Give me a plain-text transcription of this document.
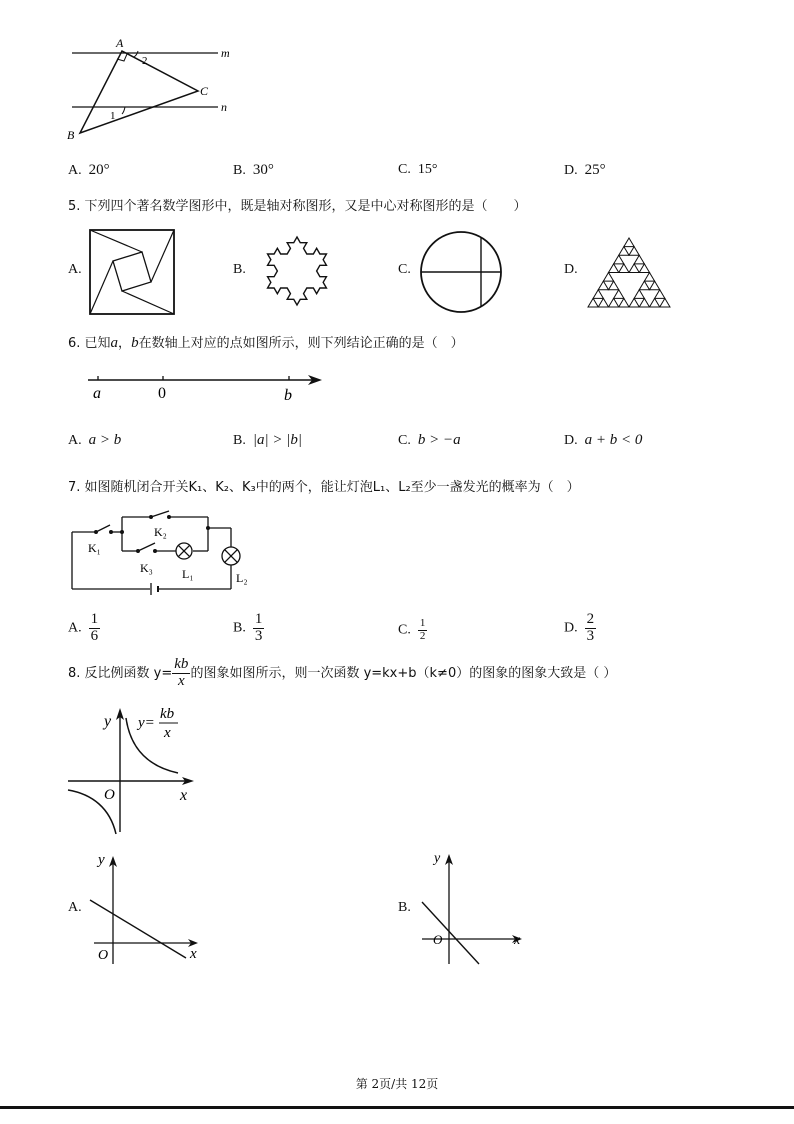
A
2
C
1
B
m
n
A. 20°	B. 30°	C. 15°	D. 25°
5. 下列四个著名数学图形中，既是轴对称图形，又是中心对称图形的是（　　）
A.	B.	C.	D.
6. 已知a，b在数轴上对应的点如图所示，则下列结论正确的是（　）
a	0	b
A. a > b	B. |a| > |b|	C. b > −a	D. a + b < 0
7. 如图随机闭合开关K₁、K₂、K₃中的两个，能让灯泡L₁、L₂至少一盏发光的概率为（　）
K₁
K₂
K₃ L₁	L₂
A. $\frac{1}{6}$	B. $\frac{1}{3}$	C. $\frac{1}{2}$	D. $\frac{2}{3}$
8. 反比例函数 $y= \frac{kb}{x}$ 的图象如图所示，则一次函数 y=kx+b（k≠0）的图象的图象大致是（ ）
y
x
O
y=
kb
x
A.
y
x
O
B.
y
x
O
第 2页/共 12页
